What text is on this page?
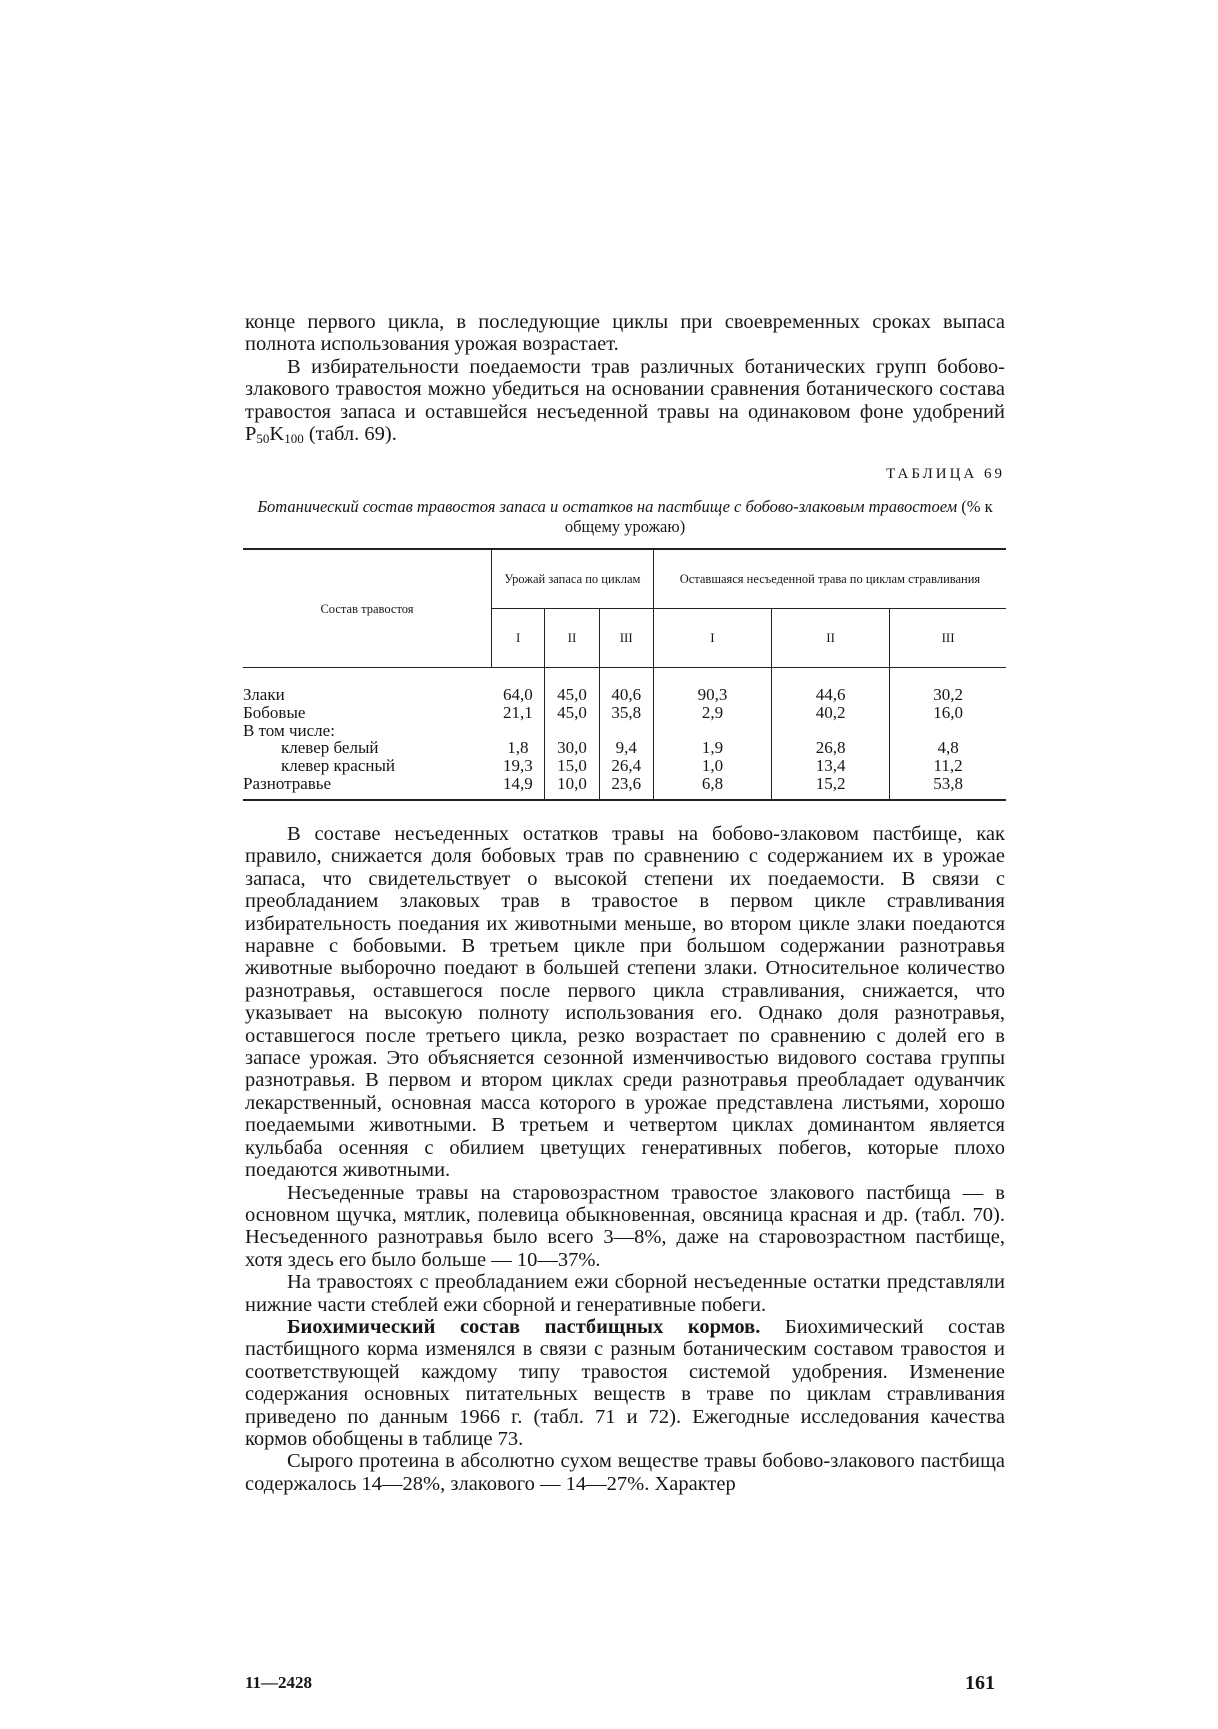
конце первого цикла, в последующие циклы при своевременных сроках выпаса полнота использования урожая возрастает.

В избирательности поедаемости трав различных ботанических групп бобово-злакового травостоя можно убедиться на основании сравнения ботанического состава травостоя запаса и оставшейся несъеденной травы на одинаковом фоне удобрений $P_{50}K_{100}$ (табл. 69).

ТАБЛИЦА 69
Ботанический состав травостоя запаса и остатков на пастбище с бобово-злаковым травостоем (% к общему урожаю)
Состав травостоя	Урожай запаса по циклам			Оставшаяся несъеденной трава по циклам стравливания		
	I	II	III	I	II	III
Злаки	64,0	45,0	40,6	90,3	44,6	30,2
Бобовые	21,1	45,0	35,8	2,9	40,2	16,0
В том числе:						
клевер белый	1,8	30,0	9,4	1,9	26,8	4,8
клевер красный	19,3	15,0	26,4	1,0	13,4	11,2
Разнотравье	14,9	10,0	23,6	6,8	15,2	53,8

В составе несъеденных остатков травы на бобово-злаковом пастбище, как правило, снижается доля бобовых трав по сравнению с содержанием их в урожае запаса, что свидетельствует о высокой степени их поедаемости. В связи с преобладанием злаковых трав в травостое в первом цикле стравливания избирательность поедания их животными меньше, во втором цикле злаки поедаются наравне с бобовыми. В третьем цикле при большом содержании разнотравья животные выборочно поедают в большей степени злаки. Относительное количество разнотравья, оставшегося после первого цикла стравливания, снижается, что указывает на высокую полноту использования его. Однако доля разнотравья, оставшегося после третьего цикла, резко возрастает по сравнению с долей его в запасе урожая. Это объясняется сезонной изменчивостью видового состава группы разнотравья. В первом и втором циклах среди разнотравья преобладает одуванчик лекарственный, основная масса которого в урожае представлена листьями, хорошо поедаемыми животными. В третьем и четвертом циклах доминантом является кульбаба осенняя с обилием цветущих генеративных побегов, которые плохо поедаются животными.

Несъеденные травы на старовозрастном травостое злакового пастбища — в основном щучка, мятлик, полевица обыкновенная, овсяница красная и др. (табл. 70). Несъеденного разнотравья было всего 3—8%, даже на старовозрастном пастбище, хотя здесь его было больше — 10—37%.

На травостоях с преобладанием ежи сборной несъеденные остатки представляли нижние части стеблей ежи сборной и генеративные побеги.

Биохимический состав пастбищных кормов. Биохимический состав пастбищного корма изменялся в связи с разным ботаническим составом травостоя и соответствующей каждому типу травостоя системой удобрения. Изменение содержания основных питательных веществ в траве по циклам стравливания приведено по данным 1966 г. (табл. 71 и 72). Ежегодные исследования качества кормов обобщены в таблице 73.

Сырого протеина в абсолютно сухом веществе травы бобово-злакового пастбища содержалось 14—28%, злакового — 14—27%. Характер

11—2428	161
